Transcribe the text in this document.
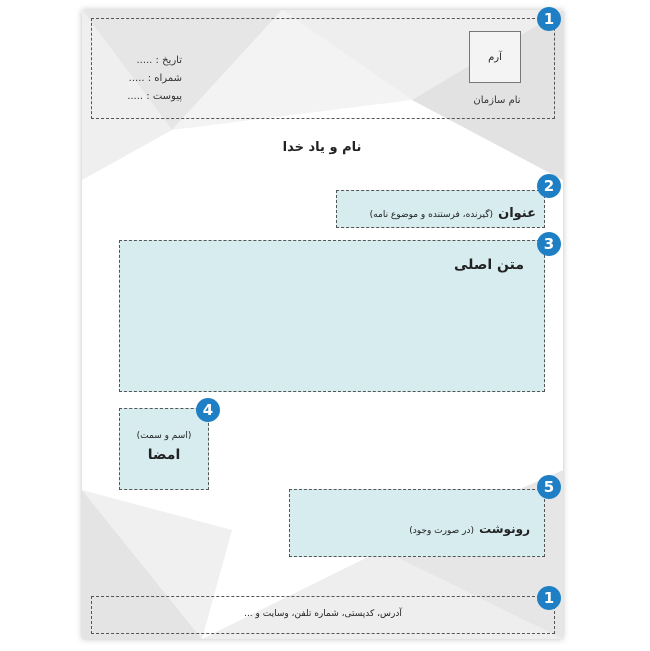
آرم
نام سازمان
تاریخ : .....
شمراه : .....
پیوست : .....
نام و یاد خدا
عنوان (گیرنده، فرستنده و موضوع نامه)
متن اصلی
(اسم و سمت)
امضا
رونوشت (در صورت وجود)
آدرس، کدپستی، شماره تلفن، وسایت و ...
1
2
3
4
5
1
